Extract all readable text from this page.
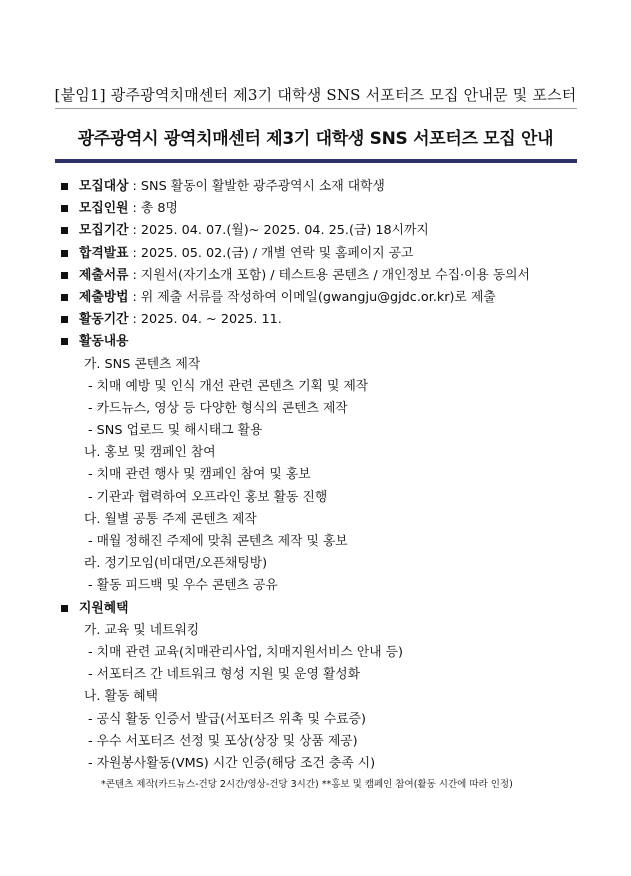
[붙임1] 광주광역치매센터 제3기 대학생 SNS 서포터즈 모집 안내문 및 포스터
광주광역시 광역치매센터 제3기 대학생 SNS 서포터즈 모집 안내
모집대상 : SNS 활동이 활발한 광주광역시 소재 대학생
모집인원 : 총 8명
모집기간 : 2025. 04. 07.(월)~ 2025. 04. 25.(금) 18시까지
합격발표 : 2025. 05. 02.(금) / 개별 연락 및 홈페이지 공고
제출서류 : 지원서(자기소개 포함) / 테스트용 콘텐츠 / 개인정보 수집·이용 동의서
제출방법 : 위 제출 서류를 작성하여 이메일(gwangju@gjdc.or.kr)로 제출
활동기간 : 2025. 04. ~ 2025. 11.
활동내용
가. SNS 콘텐츠 제작
- 치매 예방 및 인식 개선 관련 콘텐츠 기획 및 제작
- 카드뉴스, 영상 등 다양한 형식의 콘텐츠 제작
- SNS 업로드 및 해시태그 활용
나. 홍보 및 캠페인 참여
- 치매 관련 행사 및 캠페인 참여 및 홍보
- 기관과 협력하여 오프라인 홍보 활동 진행
다. 월별 공통 주제 콘텐츠 제작
- 매월 정해진 주제에 맞춰 콘텐츠 제작 및 홍보
라. 정기모임(비대면/오픈채팅방)
- 활동 피드백 및 우수 콘텐츠 공유
지원혜택
가. 교육 및 네트워킹
- 치매 관련 교육(치매관리사업, 치매지원서비스 안내 등)
- 서포터즈 간 네트워크 형성 지원 및 운영 활성화
나. 활동 혜택
- 공식 활동 인증서 발급(서포터즈 위촉 및 수료증)
- 우수 서포터즈 선정 및 포상(상장 및 상품 제공)
- 자원봉사활동(VMS) 시간 인증(해당 조건 충족 시)
*콘텐츠 제작(카드뉴스-건당 2시간/영상-건당 3시간) **홍보 및 캠페인 참여(활동 시간에 따라 인정)
